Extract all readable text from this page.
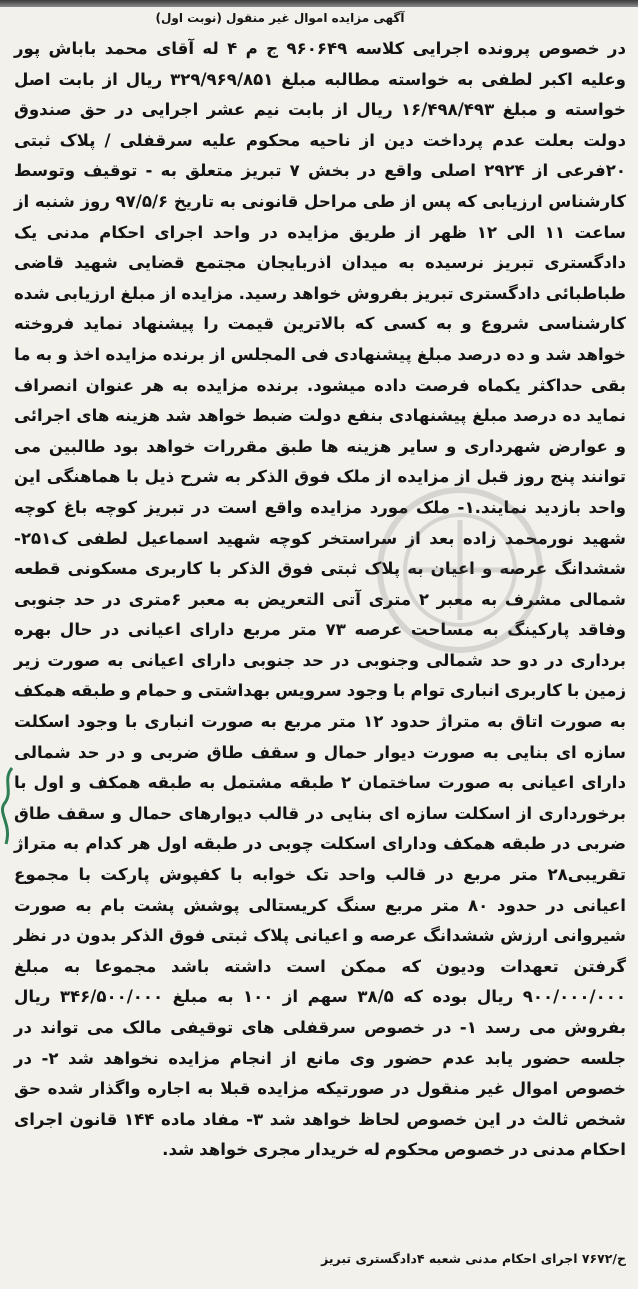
آگهی مزایده اموال غیر منقول (نوبت اول)
در خصوص پرونده اجرایی کلاسه ۹۶۰۶۴۹ ج م ۴ له آقای محمد باباش پور وعلیه اکبر لطفی به خواسته مطالبه مبلغ ۳۲۹/۹۶۹/۸۵۱ ریال از بابت اصل خواسته و مبلغ ۱۶/۴۹۸/۴۹۳ ریال از بابت نیم عشر اجرایی در حق صندوق دولت بعلت عدم پرداخت دین از ناحیه محکوم علیه سرقفلی / پلاک ثبتی ۲۰فرعی از ۲۹۲۴ اصلی واقع در بخش ۷ تبریز متعلق به - توقیف وتوسط کارشناس ارزیابی که پس از طی مراحل قانونی به تاریخ ۹۷/۵/۶ روز شنبه از ساعت ۱۱ الی ۱۲ ظهر از طریق مزایده در واحد اجرای احکام مدنی یک دادگستری تبریز نرسیده به میدان اذربایجان مجتمع قضایی شهید قاضی طباطبائی دادگستری تبریز بفروش خواهد رسید. مزایده از مبلغ ارزیابی شده کارشناسی شروع و به کسی که بالاترین قیمت را پیشنهاد نماید فروخته خواهد شد و ده درصد مبلغ پیشنهادی فی المجلس از برنده مزایده اخذ و به ما بقی حداکثر یکماه فرصت داده میشود. برنده مزایده به هر عنوان انصراف نماید ده درصد مبلغ پیشنهادی بنفع دولت ضبط خواهد شد هزینه های اجرائی و عوارض شهرداری و سایر هزینه ها طبق مقررات خواهد بود طالبین می توانند پنج روز قبل از مزایده از ملک فوق الذکر به شرح ذیل با هماهنگی این واحد بازدید نمایند.۱- ملک مورد مزایده واقع است در تبریز کوچه باغ کوچه شهید نورمحمد زاده بعد از سراستخر کوچه شهید اسماعیل لطفی ک۲۵۱-ششدانگ عرصه و اعیان به پلاک ثبتی فوق الذکر با کاربری مسکونی قطعه شمالی مشرف به معبر ۲ متری آتی التعریض به معبر ۶متری در حد جنوبی وفاقد پارکینگ به مساحت عرصه ۷۳ متر مربع دارای اعیانی در حال بهره برداری در دو حد شمالی وجنوبی در حد جنوبی دارای اعیانی به صورت زیر زمین با کاربری انباری توام با وجود سرویس بهداشتی و حمام و طبقه همکف به صورت اتاق به متراژ حدود ۱۲ متر مربع به صورت انباری با وجود اسکلت سازه ای بنایی به صورت دیوار حمال و سقف طاق ضربی و در حد شمالی دارای اعیانی به صورت ساختمان ۲ طبقه مشتمل به طبقه همکف و اول با برخورداری از اسکلت سازه ای بنایی در قالب دیوارهای حمال و سقف طاق ضربی در طبقه همکف ودارای اسکلت چوبی در طبقه اول هر کدام به متراژ تقریبی۲۸ متر مربع در قالب واحد تک خوابه با کفپوش پارکت با مجموع اعیانی در حدود ۸۰ متر مربع سنگ کریستالی پوشش پشت بام به صورت شیروانی ارزش ششدانگ عرصه و اعیانی پلاک ثبتی فوق الذکر بدون در نظر گرفتن تعهدات ودیون که ممکن است داشته باشد مجموعا به مبلغ ۹۰۰/۰۰۰/۰۰۰ ریال بوده که ۳۸/۵ سهم از ۱۰۰ به مبلغ ۳۴۶/۵۰۰/۰۰۰ ریال بفروش می رسد ۱- در خصوص سرقفلی های توقیفی مالک می تواند در جلسه حضور یابد عدم حضور وی مانع از انجام مزایده نخواهد شد ۲- در خصوص اموال غیر منقول در صورتیکه مزایده قبلا به اجاره واگذار شده حق شخص ثالث در این خصوص لحاظ خواهد شد ۳- مفاد ماده ۱۴۴ قانون اجرای احکام مدنی در خصوص محکوم له خریدار مجری خواهد شد.
ح/۷۶۷۲ اجرای احکام مدنی شعبه ۴دادگستری تبریز
